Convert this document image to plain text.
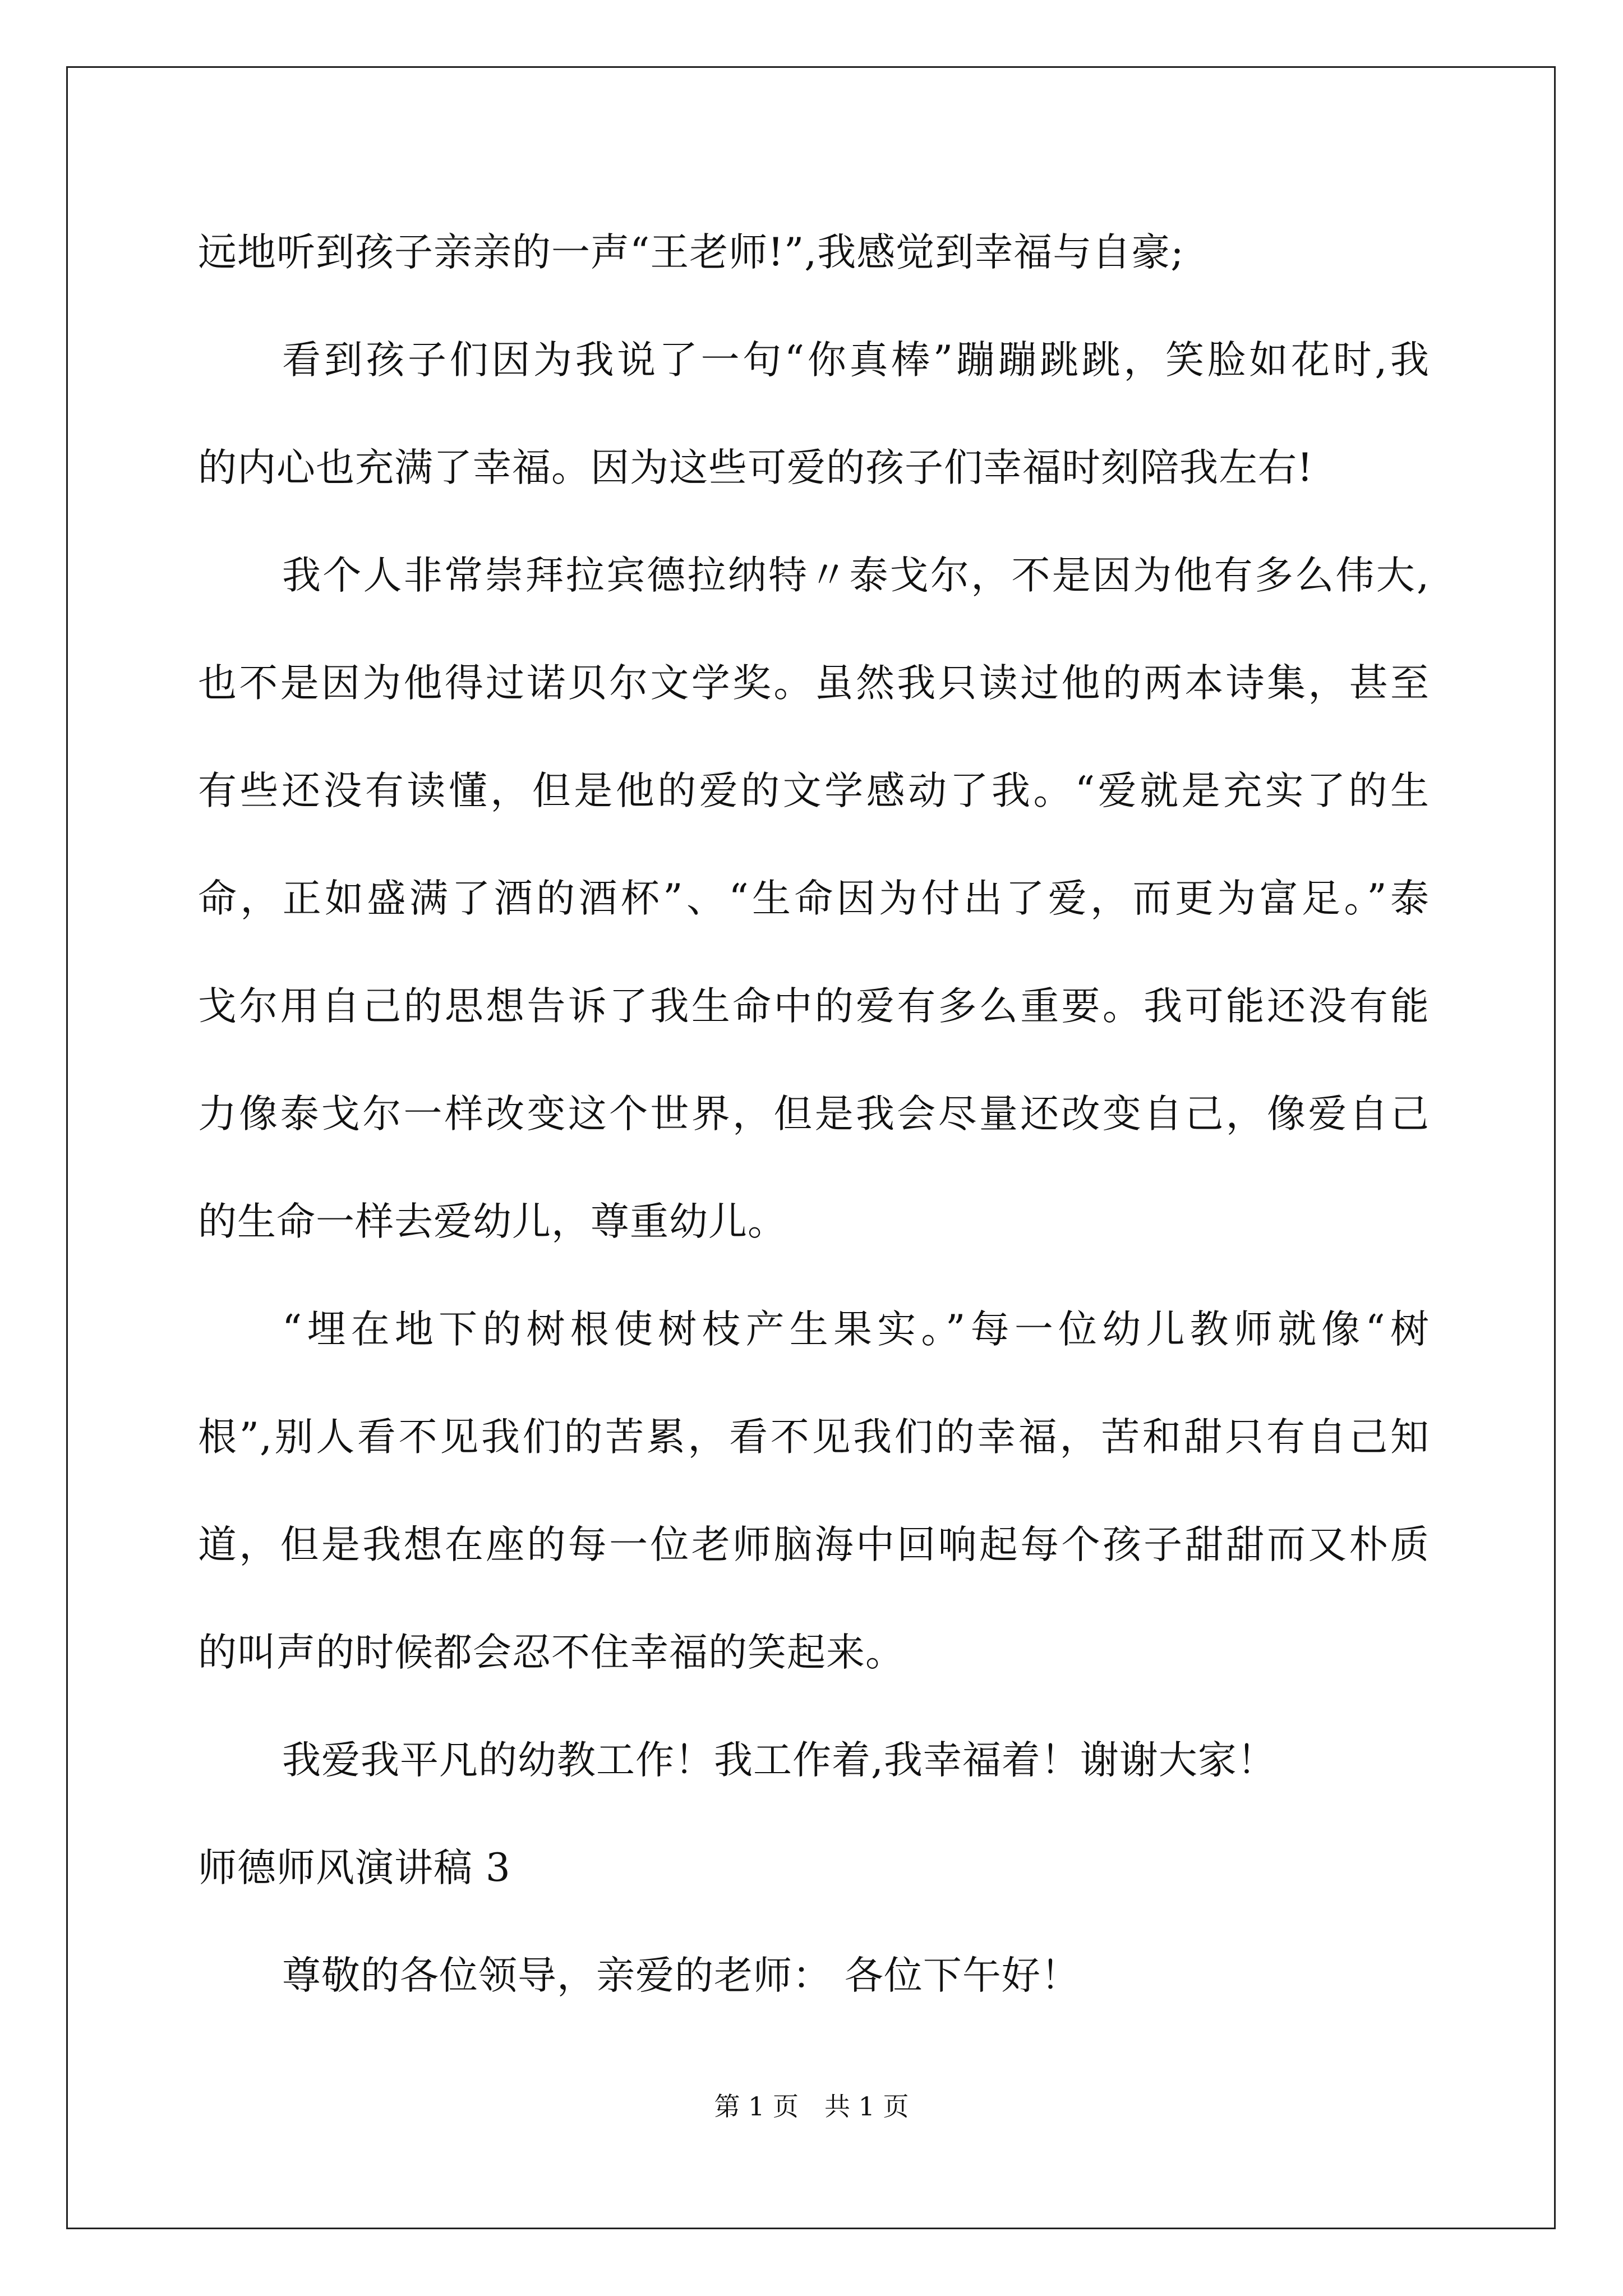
远地听到孩子亲亲的一声“王老师!”,我感觉到幸福与自豪;
看到孩子们因为我说了一句“你真棒”蹦蹦跳跳，笑脸如花时,我
的内心也充满了幸福。因为这些可爱的孩子们幸福时刻陪我左右!
我个人非常崇拜拉宾德拉纳特〃泰戈尔，不是因为他有多么伟大,
也不是因为他得过诺贝尔文学奖。虽然我只读过他的两本诗集，甚至
有些还没有读懂，但是他的爱的文学感动了我。“爱就是充实了的生
命，正如盛满了酒的酒杯”、“生命因为付出了爱，而更为富足。”泰
戈尔用自己的思想告诉了我生命中的爱有多么重要。我可能还没有能
力像泰戈尔一样改变这个世界，但是我会尽量还改变自己，像爱自己
的生命一样去爱幼儿，尊重幼儿。
“埋在地下的树根使树枝产生果实。”每一位幼儿教师就像“树
根”,别人看不见我们的苦累，看不见我们的幸福，苦和甜只有自己知
道，但是我想在座的每一位老师脑海中回响起每个孩子甜甜而又朴质
的叫声的时候都会忍不住幸福的笑起来。
我爱我平凡的幼教工作！我工作着,我幸福着！谢谢大家！
师德师风演讲稿 3
尊敬的各位领导，亲爱的老师： 各位下午好！
第 1 页　共 1 页
